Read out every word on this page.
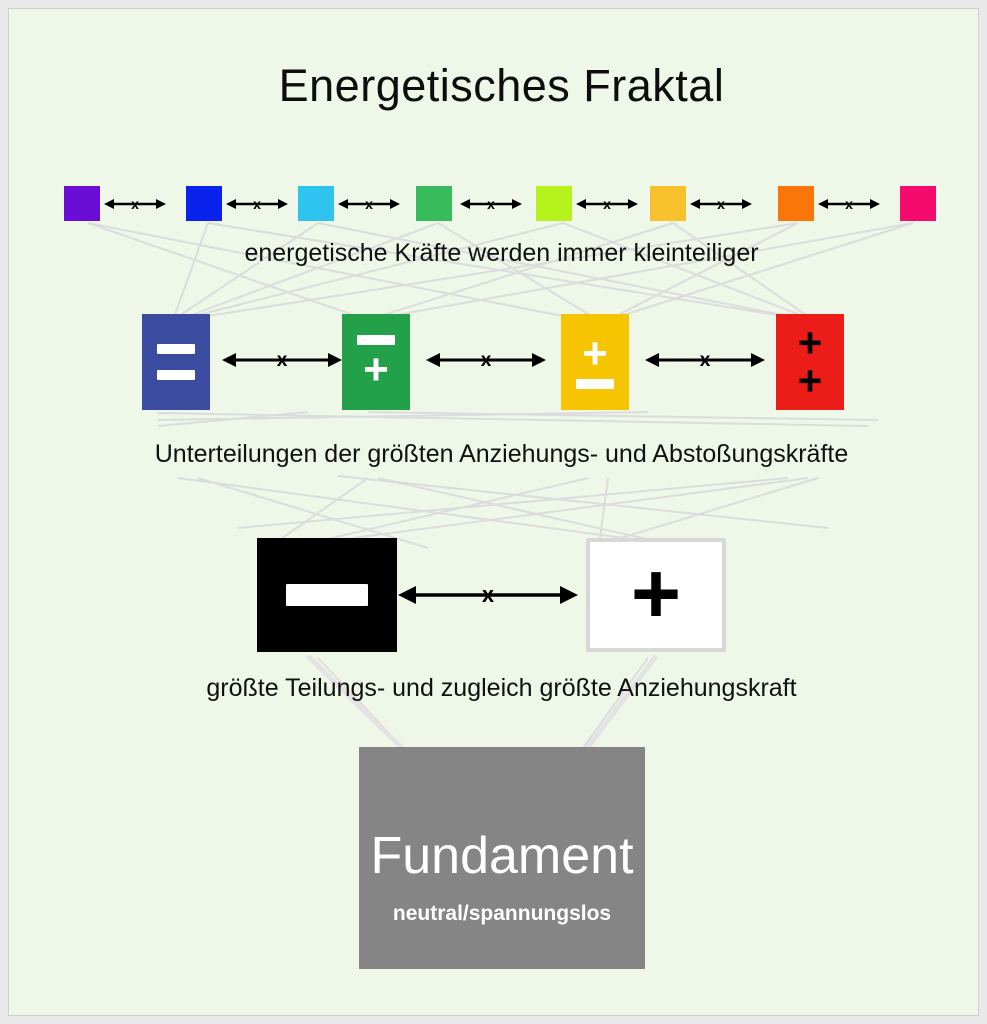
Energetisches Fraktal
x	x	x	x	x	x	x
energetische Kräfte werden immer kleinteiliger
x +	x +	x +
+
Unterteilungen der größten Anziehungs- und Abstoßungskräfte
x +
größte Teilungs- und zugleich größte Anziehungskraft
Fundament
neutral/spannungslos
